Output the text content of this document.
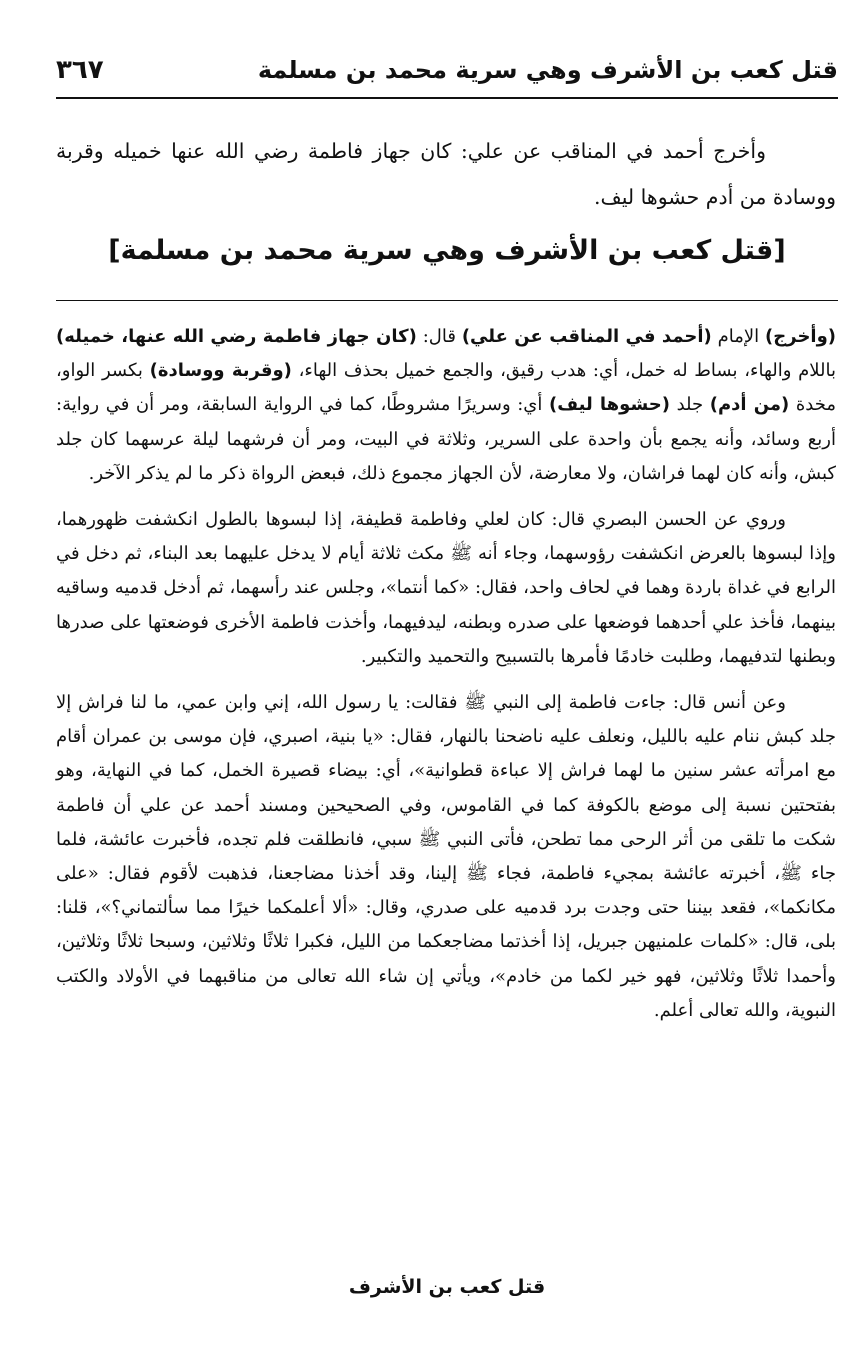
قتل كعب بن الأشرف وهي سرية محمد بن مسلمة
٣٦٧
وأخرج أحمد في المناقب عن علي: كان جهاز فاطمة رضي الله عنها خميله وقربة ووسادة من أدم حشوها ليف.
[قتل كعب بن الأشرف وهي سرية محمد بن مسلمة]

(وأخرج) الإمام (أحمد في المناقب عن علي) قال: (كان جهاز فاطمة رضي الله عنها، خميله) باللام والهاء، بساط له خمل، أي: هدب رقيق، والجمع خميل بحذف الهاء، (وقربة ووسادة) بكسر الواو، مخدة (من أدم) جلد (حشوها ليف) أي: وسريرًا مشروطًا، كما في الرواية السابقة، ومر أن في رواية: أربع وسائد، وأنه يجمع بأن واحدة على السرير، وثلاثة في البيت، ومر أن فرشهما ليلة عرسهما كان جلد كبش، وأنه كان لهما فراشان، ولا معارضة، لأن الجهاز مجموع ذلك، فبعض الرواة ذكر ما لم يذكر الآخر.

وروي عن الحسن البصري قال: كان لعلي وفاطمة قطيفة، إذا لبسوها بالطول انكشفت ظهورهما، وإذا لبسوها بالعرض انكشفت رؤوسهما، وجاء أنه ﷺ مكث ثلاثة أيام لا يدخل عليهما بعد البناء، ثم دخل في الرابع في غداة باردة وهما في لحاف واحد، فقال: «كما أنتما»، وجلس عند رأسهما، ثم أدخل قدميه وساقيه بينهما، فأخذ علي أحدهما فوضعها على صدره وبطنه، ليدفيهما، وأخذت فاطمة الأخرى فوضعتها على صدرها وبطنها لتدفيهما، وطلبت خادمًا فأمرها بالتسبيح والتحميد والتكبير.

وعن أنس قال: جاءت فاطمة إلى النبي ﷺ فقالت: يا رسول الله، إني وابن عمي، ما لنا فراش إلا جلد كبش ننام عليه بالليل، ونعلف عليه ناضحنا بالنهار، فقال: «يا بنية، اصبري، فإن موسى بن عمران أقام مع امرأته عشر سنين ما لهما فراش إلا عباءة قطوانية»، أي: بيضاء قصيرة الخمل، كما في النهاية، وهو بفتحتين نسبة إلى موضع بالكوفة كما في القاموس، وفي الصحيحين ومسند أحمد عن علي أن فاطمة شكت ما تلقى من أثر الرحى مما تطحن، فأتى النبي ﷺ سبي، فانطلقت فلم تجده، فأخبرت عائشة، فلما جاء ﷺ، أخبرته عائشة بمجيء فاطمة، فجاء ﷺ إلينا، وقد أخذنا مضاجعنا، فذهبت لأقوم فقال: «على مكانكما»، فقعد بيننا حتى وجدت برد قدميه على صدري، وقال: «ألا أعلمكما خيرًا مما سألتماني؟»، قلنا: بلى، قال: «كلمات علمنيهن جبريل، إذا أخذتما مضاجعكما من الليل، فكبرا ثلاثًا وثلاثين، وسبحا ثلاثًا وثلاثين، وأحمدا ثلاثًا وثلاثين، فهو خير لكما من خادم»، ويأتي إن شاء الله تعالى من مناقبهما في الأولاد والكتب النبوية، والله تعالى أعلم.

قتل كعب بن الأشرف
